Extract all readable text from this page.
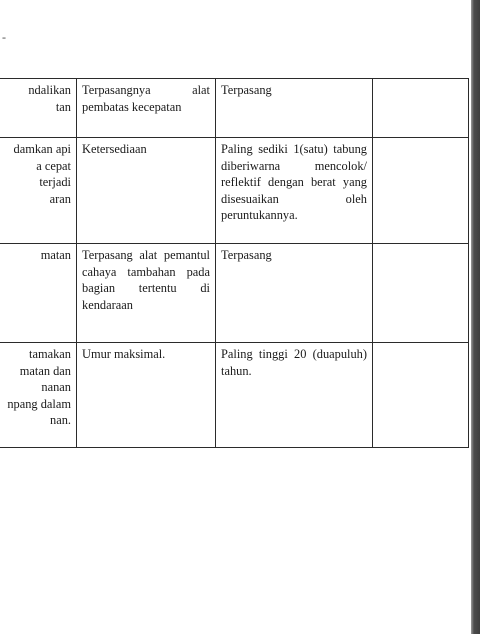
-
ndalikan
tan	Terpasangnya alat pembatas kecepatan	Terpasang	

damkan api
a cepat
terjadi
aran	Ketersediaan	Paling sediki 1(satu) tabung diberiwarna mencolok/ reflektif dengan berat yang disesuaikan oleh peruntukannya.	

matan	Terpasang alat pemantul cahaya tambahan pada bagian tertentu di kendaraan	Terpasang	

tamakan
matan dan
nanan
npang dalam
nan.	Umur maksimal.	Paling tinggi 20 (duapuluh) tahun.	
